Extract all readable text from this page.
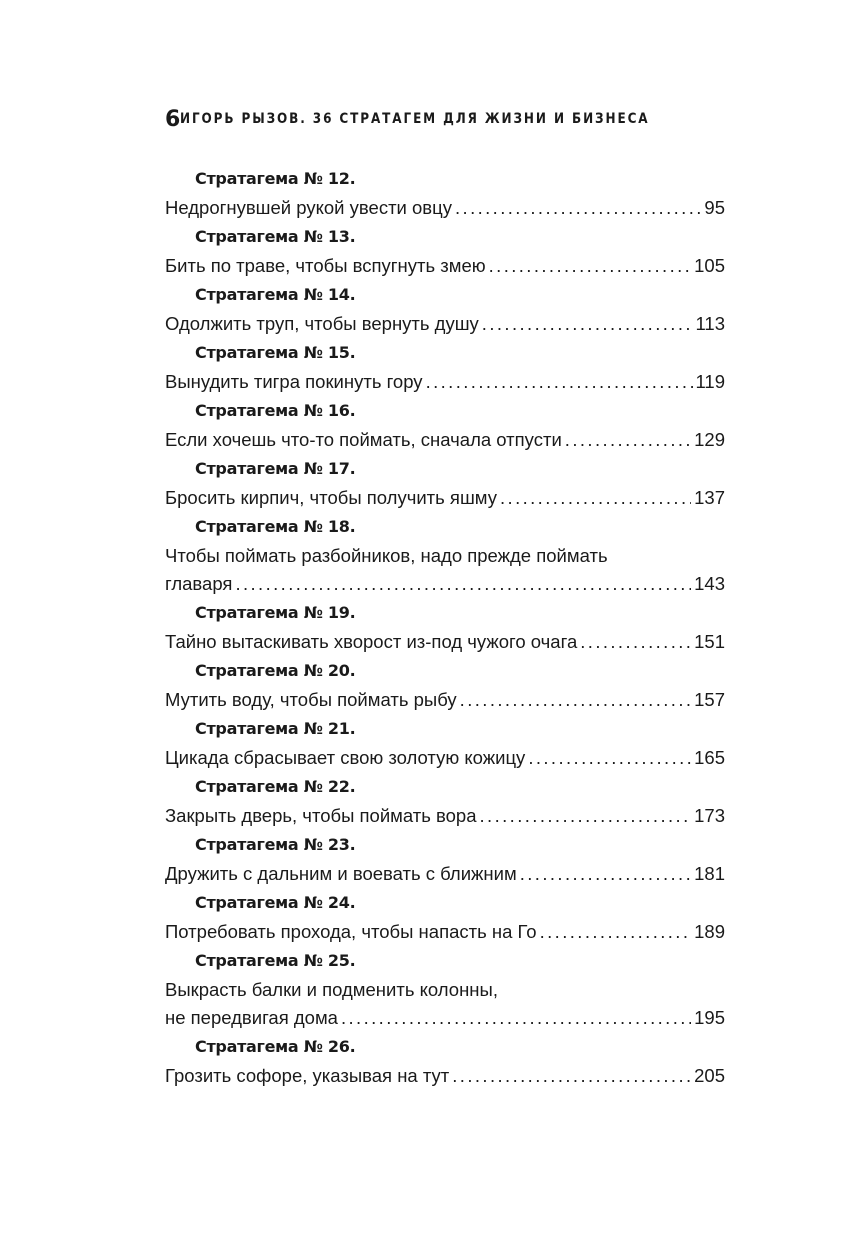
6 ИГОРЬ РЫЗОВ. 36 СТРАТАГЕМ ДЛЯ ЖИЗНИ И БИЗНЕСА
Стратагема № 12.
Недрогнувшей рукой увести овцу .....	95
Стратагема № 13.
Бить по траве, чтобы вспугнуть змею .....	105
Стратагема № 14.
Одолжить труп, чтобы вернуть душу .....	113
Стратагема № 15.
Вынудить тигра покинуть гору .....	119
Стратагема № 16.
Если хочешь что-то поймать, сначала отпусти .....	129
Стратагема № 17.
Бросить кирпич, чтобы получить яшму .....	137
Стратагема № 18.
Чтобы поймать разбойников, надо прежде поймать
главаря .....	143
Стратагема № 19.
Тайно вытаскивать хворост из-под чужого очага .....	151
Стратагема № 20.
Мутить воду, чтобы поймать рыбу .....	157
Стратагема № 21.
Цикада сбрасывает свою золотую кожицу .....	165
Стратагема № 22.
Закрыть дверь, чтобы поймать вора .....	173
Стратагема № 23.
Дружить с дальним и воевать с ближним .....	181
Стратагема № 24.
Потребовать прохода, чтобы напасть на Го .....	189
Стратагема № 25.
Выкрасть балки и подменить колонны,
не передвигая дома .....	195
Стратагема № 26.
Грозить софоре, указывая на тут .....	205
